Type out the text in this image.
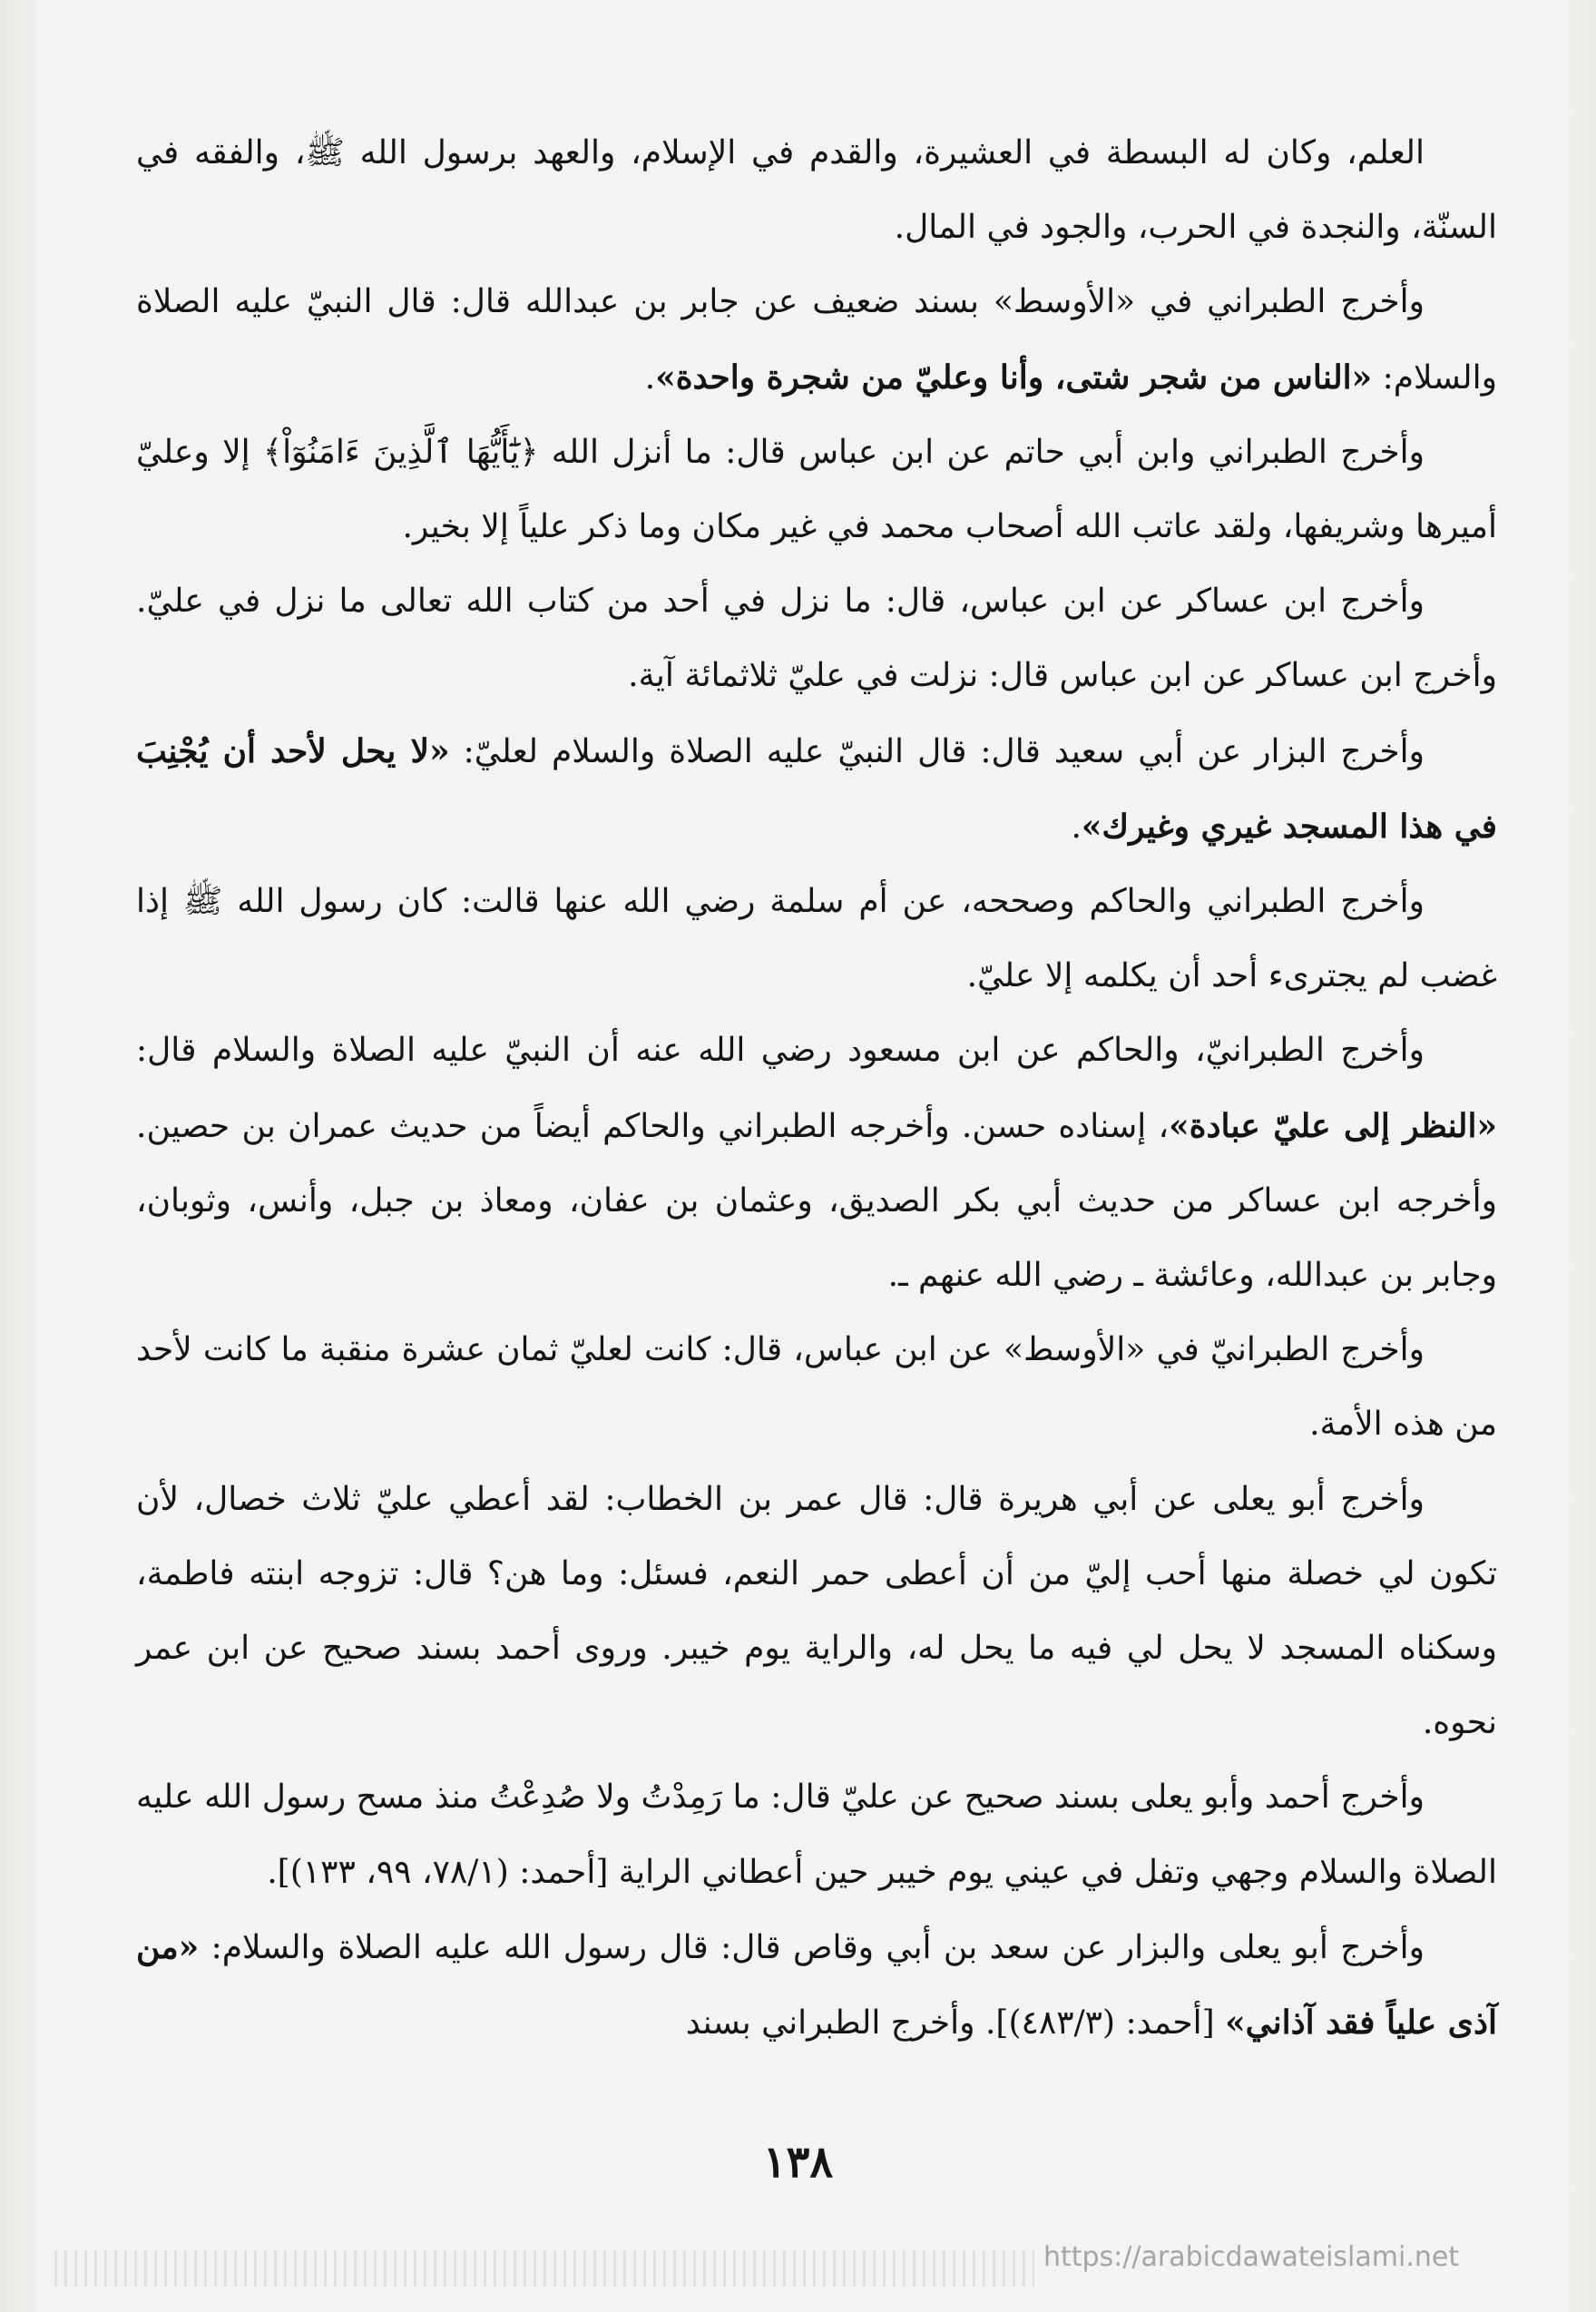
العلم، وكان له البسطة في العشيرة، والقدم في الإسلام، والعهد برسول الله ﷺ، والفقه في السنّة، والنجدة في الحرب، والجود في المال.

وأخرج الطبراني في «الأوسط» بسند ضعيف عن جابر بن عبدالله قال: قال النبيّ عليه الصلاة والسلام: «الناس من شجر شتى، وأنا وعليّ من شجرة واحدة».

وأخرج الطبراني وابن أبي حاتم عن ابن عباس قال: ما أنزل الله ﴿يَٰٓأَيُّهَا ٱلَّذِينَ ءَامَنُوٓاْ﴾ إلا وعليّ أميرها وشريفها، ولقد عاتب الله أصحاب محمد في غير مكان وما ذكر علياً إلا بخير.

وأخرج ابن عساكر عن ابن عباس، قال: ما نزل في أحد من كتاب الله تعالى ما نزل في عليّ. وأخرج ابن عساكر عن ابن عباس قال: نزلت في عليّ ثلاثمائة آية.

وأخرج البزار عن أبي سعيد قال: قال النبيّ عليه الصلاة والسلام لعليّ: «لا يحل لأحد أن يُجْنِبَ في هذا المسجد غيري وغيرك».

وأخرج الطبراني والحاكم وصححه، عن أم سلمة رضي الله عنها قالت: كان رسول الله ﷺ إذا غضب لم يجترىء أحد أن يكلمه إلا عليّ.

وأخرج الطبرانيّ، والحاكم عن ابن مسعود رضي الله عنه أن النبيّ عليه الصلاة والسلام قال: «النظر إلى عليّ عبادة»، إسناده حسن. وأخرجه الطبراني والحاكم أيضاً من حديث عمران بن حصين. وأخرجه ابن عساكر من حديث أبي بكر الصديق، وعثمان بن عفان، ومعاذ بن جبل، وأنس، وثوبان، وجابر بن عبدالله، وعائشة ـ رضي الله عنهم ـ.

وأخرج الطبرانيّ في «الأوسط» عن ابن عباس، قال: كانت لعليّ ثمان عشرة منقبة ما كانت لأحد من هذه الأمة.

وأخرج أبو يعلى عن أبي هريرة قال: قال عمر بن الخطاب: لقد أعطي عليّ ثلاث خصال، لأن تكون لي خصلة منها أحب إليّ من أن أعطى حمر النعم، فسئل: وما هن؟ قال: تزوجه ابنته فاطمة، وسكناه المسجد لا يحل لي فيه ما يحل له، والراية يوم خيبر. وروى أحمد بسند صحيح عن ابن عمر نحوه.

وأخرج أحمد وأبو يعلى بسند صحيح عن عليّ قال: ما رَمِدْتُ ولا صُدِعْتُ منذ مسح رسول الله عليه الصلاة والسلام وجهي وتفل في عيني يوم خيبر حين أعطاني الراية [أحمد: (٧٨/١، ٩٩، ١٣٣)].

وأخرج أبو يعلى والبزار عن سعد بن أبي وقاص قال: قال رسول الله عليه الصلاة والسلام: «من آذى علياً فقد آذاني» [أحمد: (٤٨٣/٣)]. وأخرج الطبراني بسند

١٣٨
https://arabicdawateislami.net
